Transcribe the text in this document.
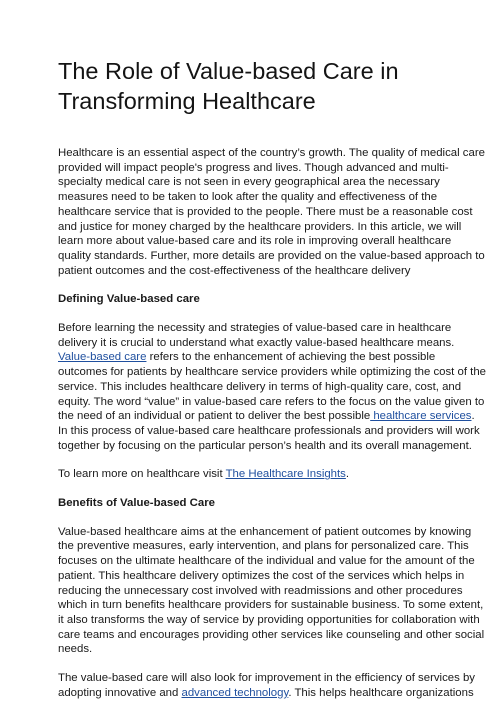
The Role of Value-based Care in
Transforming Healthcare

Healthcare is an essential aspect of the country’s growth. The quality of medical care
provided will impact people's progress and lives. Though advanced and multi-
specialty medical care is not seen in every geographical area the necessary
measures need to be taken to look after the quality and effectiveness of the
healthcare service that is provided to the people. There must be a reasonable cost
and justice for money charged by the healthcare providers. In this article, we will
learn more about value-based care and its role in improving overall healthcare
quality standards. Further, more details are provided on the value-based approach to
patient outcomes and the cost-effectiveness of the healthcare delivery

Defining Value-based care

Before learning the necessity and strategies of value-based care in healthcare
delivery it is crucial to understand what exactly value-based healthcare means.
Value-based care refers to the enhancement of achieving the best possible
outcomes for patients by healthcare service providers while optimizing the cost of the
service. This includes healthcare delivery in terms of high-quality care, cost, and
equity. The word “value” in value-based care refers to the focus on the value given to
the need of an individual or patient to deliver the best possible healthcare services.
In this process of value-based care healthcare professionals and providers will work
together by focusing on the particular person’s health and its overall management.

To learn more on healthcare visit The Healthcare Insights.

Benefits of Value-based Care

Value-based healthcare aims at the enhancement of patient outcomes by knowing
the preventive measures, early intervention, and plans for personalized care. This
focuses on the ultimate healthcare of the individual and value for the amount of the
patient. This healthcare delivery optimizes the cost of the services which helps in
reducing the unnecessary cost involved with readmissions and other procedures
which in turn benefits healthcare providers for sustainable business. To some extent,
it also transforms the way of service by providing opportunities for collaboration with
care teams and encourages providing other services like counseling and other social
needs.

The value-based care will also look for improvement in the efficiency of services by
adopting innovative and advanced technology. This helps healthcare organizations
